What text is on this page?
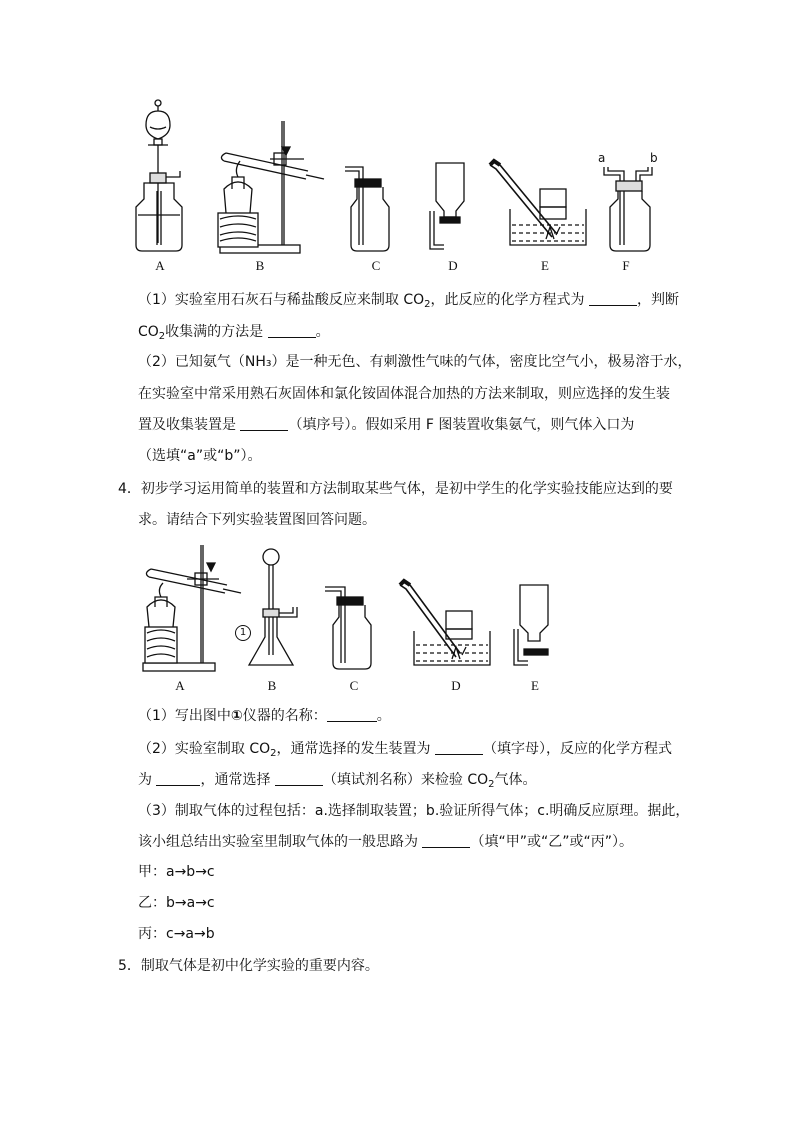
a	b
A	B	C	D	E	F
（1）实验室用石灰石与稀盐酸反应来制取 $CO_2$，此反应的化学方程式为	，判断
$CO_2$收集满的方法是	。
（2）已知氨气（NH₃）是一种无色、有刺激性气味的气体，密度比空气小，极易溶于水，
在实验室中常采用熟石灰固体和氯化铵固体混合加热的方法来制取，则应选择的发生装
置及收集装置是	（填序号）。假如采用 F 图装置收集氨气，则气体入口为
（选填“a”或“b”）。
4．初步学习运用简单的装置和方法制取某些气体，是初中学生的化学实验技能应达到的要
求。请结合下列实验装置图回答问题。
1
A	B	C	D	E
（1）写出图中①仪器的名称：	。
（2）实验室制取 $CO_2$，通常选择的发生装置为	（填字母），反应的化学方程式
为	，通常选择	（填试剂名称）来检验 $CO_2$气体。
（3）制取气体的过程包括：a.选择制取装置；b.验证所得气体；c.明确反应原理。据此，
该小组总结出实验室里制取气体的一般思路为	（填“甲”或“乙”或“丙”）。
甲：a→b→c
乙：b→a→c
丙：c→a→b
5．制取气体是初中化学实验的重要内容。
